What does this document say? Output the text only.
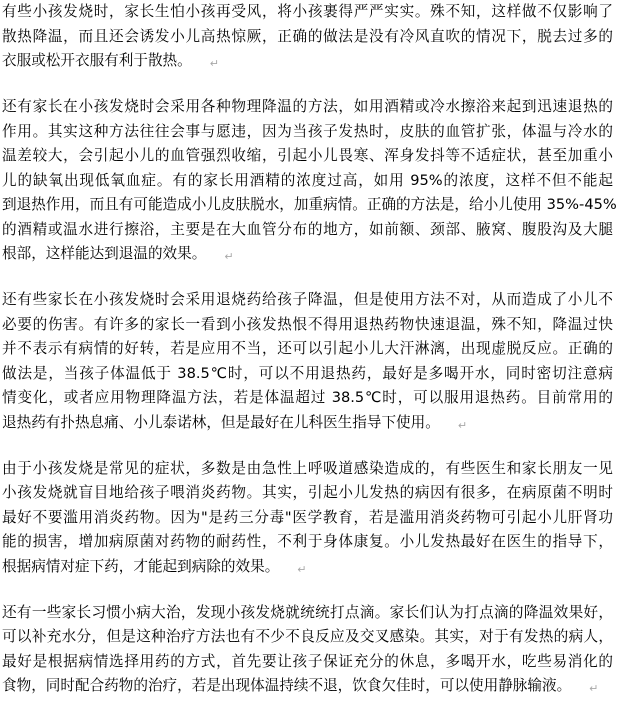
有些小孩发烧时，家长生怕小孩再受风，将小孩裹得严严实实。殊不知，这样做不仅影响了
散热降温，而且还会诱发小儿高热惊厥，正确的做法是没有冷风直吹的情况下，脱去过多的
衣服或松开衣服有利于散热。 ↵
还有家长在小孩发烧时会采用各种物理降温的方法，如用酒精或冷水擦浴来起到迅速退热的
作用。其实这种方法往往会事与愿违，因为当孩子发热时，皮肤的血管扩张，体温与冷水的
温差较大，会引起小儿的血管强烈收缩，引起小儿畏寒、浑身发抖等不适症状，甚至加重小
儿的缺氧出现低氧血症。有的家长用酒精的浓度过高，如用 95%的浓度，这样不但不能起
到退热作用，而且有可能造成小儿皮肤脱水，加重病情。正确的方法是，给小儿使用 35%-45%
的酒精或温水进行擦浴，主要是在大血管分布的地方，如前额、颈部、腋窝、腹股沟及大腿
根部，这样能达到退温的效果。 ↵
还有些家长在小孩发烧时会采用退烧药给孩子降温，但是使用方法不对，从而造成了小儿不
必要的伤害。有许多的家长一看到小孩发热恨不得用退热药物快速退温，殊不知，降温过快
并不表示有病情的好转，若是应用不当，还可以引起小儿大汗淋漓，出现虚脱反应。正确的
做法是，当孩子体温低于 38.5℃时，可以不用退热药，最好是多喝开水，同时密切注意病
情变化，或者应用物理降温方法，若是体温超过 38.5℃时，可以服用退热药。目前常用的
退热药有扑热息痛、小儿泰诺林，但是最好在儿科医生指导下使用。 ↵
由于小孩发烧是常见的症状，多数是由急性上呼吸道感染造成的，有些医生和家长朋友一见
小孩发烧就盲目地给孩子喂消炎药物。其实，引起小儿发热的病因有很多，在病原菌不明时
最好不要滥用消炎药物。因为"是药三分毒"医学教育，若是滥用消炎药物可引起小儿肝肾功
能的损害，增加病原菌对药物的耐药性，不利于身体康复。小儿发热最好在医生的指导下，
根据病情对症下药，才能起到病除的效果。 ↵
还有一些家长习惯小病大治，发现小孩发烧就统统打点滴。家长们认为打点滴的降温效果好，
可以补充水分，但是这种治疗方法也有不少不良反应及交叉感染。其实，对于有发热的病人，
最好是根据病情选择用药的方式，首先要让孩子保证充分的休息，多喝开水，吃些易消化的
食物，同时配合药物的治疗，若是出现体温持续不退，饮食欠佳时，可以使用静脉输液。 ↵
